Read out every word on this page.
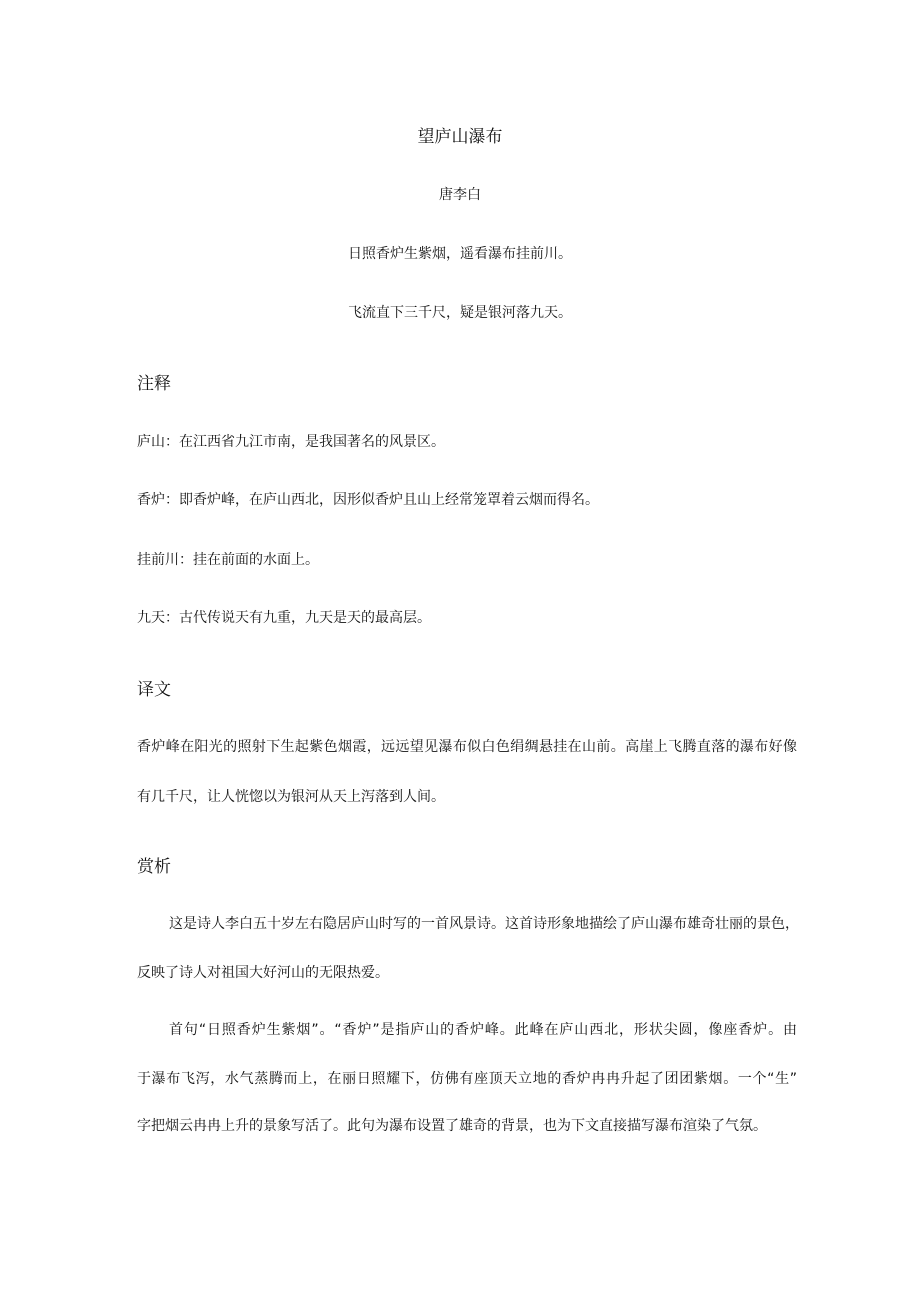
望庐山瀑布
唐李白
日照香炉生紫烟，遥看瀑布挂前川。
飞流直下三千尺，疑是银河落九天。
注释
庐山：在江西省九江市南，是我国著名的风景区。
香炉：即香炉峰，在庐山西北，因形似香炉且山上经常笼罩着云烟而得名。
挂前川：挂在前面的水面上。
九天：古代传说天有九重，九天是天的最高层。
译文
香炉峰在阳光的照射下生起紫色烟霞，远远望见瀑布似白色绢绸悬挂在山前。高崖上飞腾直落的瀑布好像
有几千尺，让人恍惚以为银河从天上泻落到人间。
赏析
这是诗人李白五十岁左右隐居庐山时写的一首风景诗。这首诗形象地描绘了庐山瀑布雄奇壮丽的景色，
反映了诗人对祖国大好河山的无限热爱。
首句“日照香炉生紫烟”。“香炉”是指庐山的香炉峰。此峰在庐山西北，形状尖圆，像座香炉。由
于瀑布飞泻，水气蒸腾而上，在丽日照耀下，仿佛有座顶天立地的香炉冉冉升起了团团紫烟。一个“生”
字把烟云冉冉上升的景象写活了。此句为瀑布设置了雄奇的背景，也为下文直接描写瀑布渲染了气氛。
